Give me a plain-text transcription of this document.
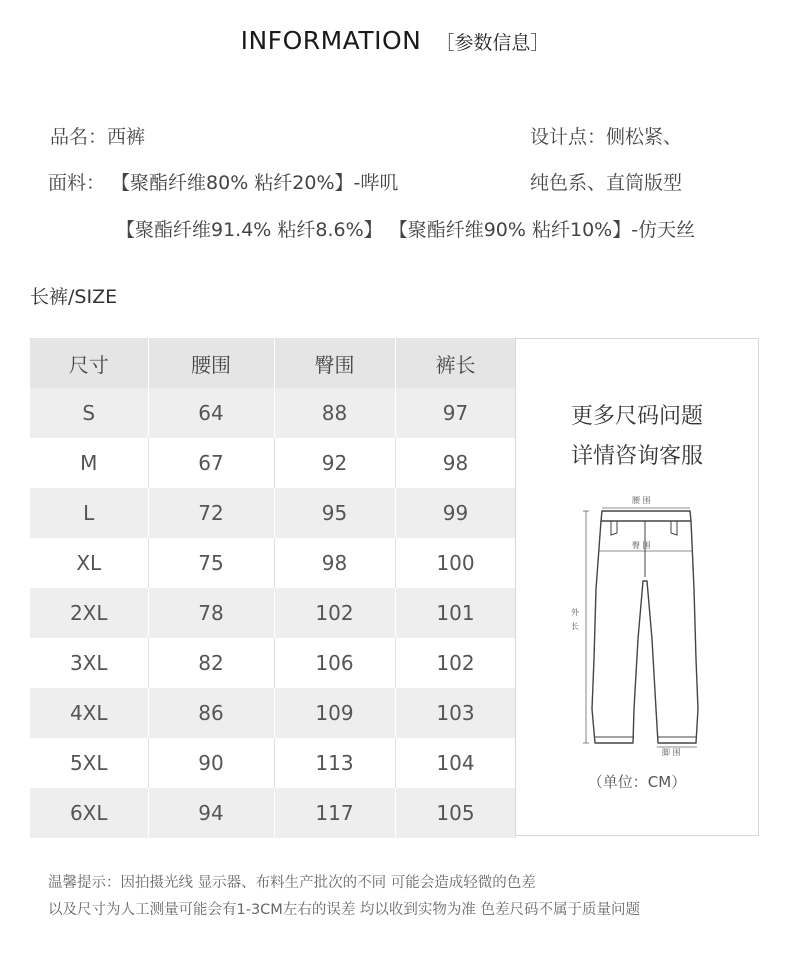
INFORMATION ［参数信息］
品名：西裤	设计点：侧松紧、
面料： 【聚酯纤维80% 粘纤20%】-哔叽	纯色系、直筒版型
【聚酯纤维91.4% 粘纤8.6%】 【聚酯纤维90% 粘纤10%】-仿天丝
长裤/SIZE
尺寸	腰围	臀围	裤长
S	64	88	97
M	67	92	98
L	72	95	99
XL	75	98	100
2XL	78	102	101
3XL	82	106	102
4XL	86	109	103
5XL	90	113	104
6XL	94	117	105
更多尺码问题
详情咨询客服
腰 围
臀 围
外
长
脚 围
（单位：CM）
温馨提示：因拍摄光线 显示器、布料生产批次的不同 可能会造成轻微的色差
以及尺寸为人工测量可能会有1-3CM左右的误差 均以收到实物为准 色差尺码不属于质量问题
